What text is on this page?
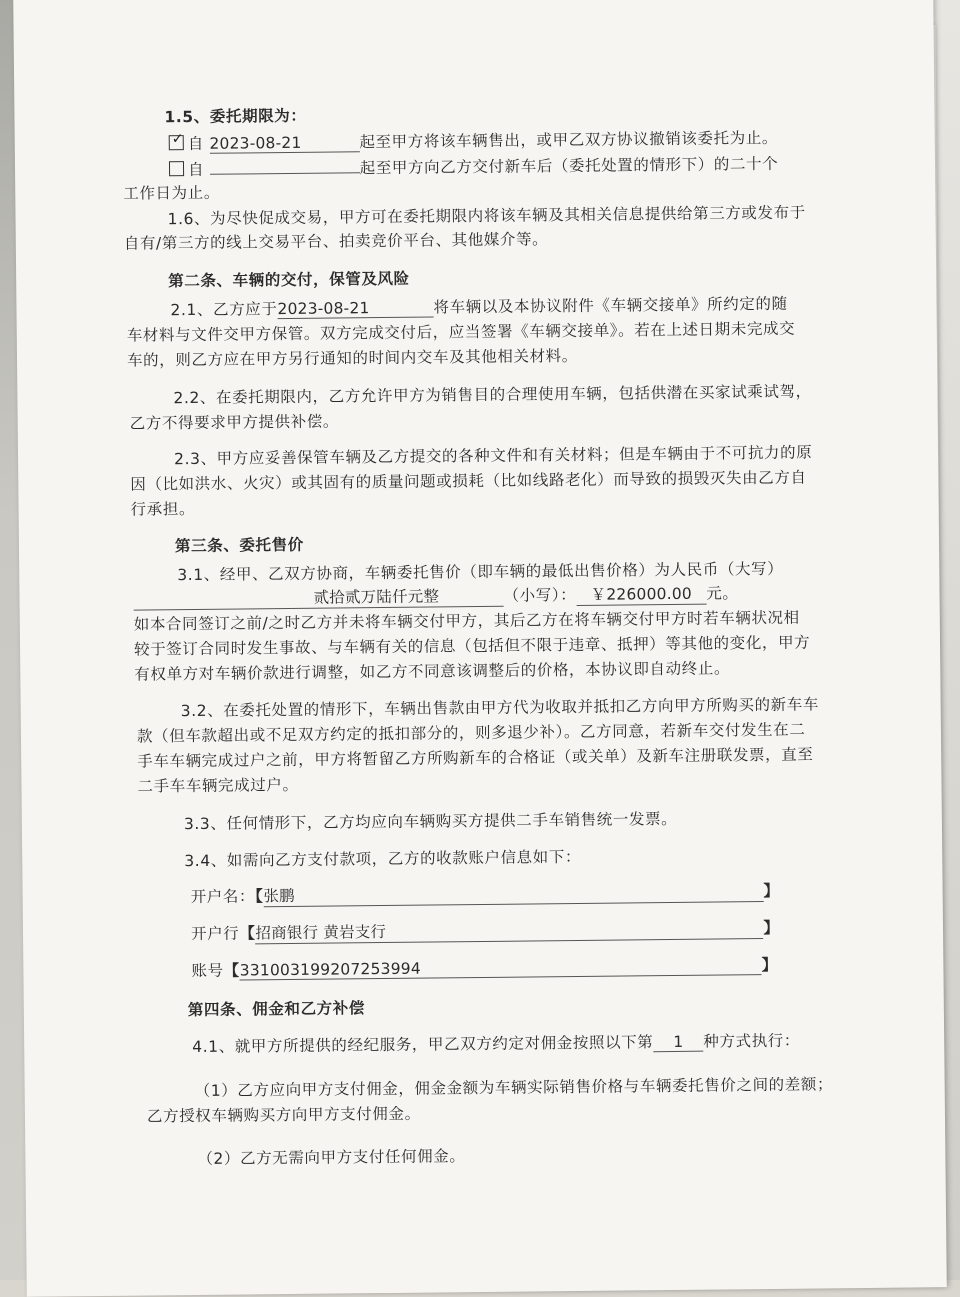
1.5、委托期限为：
✓ 自 2023-08-21	起至甲方将该车辆售出，或甲乙双方协议撤销该委托为止。
自	起至甲方向乙方交付新车后（委托处置的情形下）的二十个
工作日为止。
1.6、为尽快促成交易，甲方可在委托期限内将该车辆及其相关信息提供给第三方或发布于
自有/第三方的线上交易平台、拍卖竞价平台、其他媒介等。
第二条、车辆的交付，保管及风险
2.1、乙方应于2023-08-21	将车辆以及本协议附件《车辆交接单》所约定的随
车材料与文件交甲方保管。双方完成交付后，应当签署《车辆交接单》。若在上述日期未完成交
车的，则乙方应在甲方另行通知的时间内交车及其他相关材料。
2.2、在委托期限内，乙方允许甲方为销售目的合理使用车辆，包括供潜在买家试乘试驾，
乙方不得要求甲方提供补偿。
2.3、甲方应妥善保管车辆及乙方提交的各种文件和有关材料；但是车辆由于不可抗力的原
因（比如洪水、火灾）或其固有的质量问题或损耗（比如线路老化）而导致的损毁灭失由乙方自
行承担。
第三条、委托售价
3.1、经甲、乙双方协商，车辆委托售价（即车辆的最低出售价格）为人民币（大写）
贰拾贰万陆仟元整	（小写）： ￥226000.00 元。
如本合同签订之前/之时乙方并未将车辆交付甲方，其后乙方在将车辆交付甲方时若车辆状况相
较于签订合同时发生事故、与车辆有关的信息（包括但不限于违章、抵押）等其他的变化，甲方
有权单方对车辆价款进行调整，如乙方不同意该调整后的价格，本协议即自动终止。
3.2、在委托处置的情形下，车辆出售款由甲方代为收取并抵扣乙方向甲方所购买的新车车
款（但车款超出或不足双方约定的抵扣部分的，则多退少补）。乙方同意，若新车交付发生在二
手车车辆完成过户之前，甲方将暂留乙方所购新车的合格证（或关单）及新车注册联发票，直至
二手车车辆完成过户。
3.3、任何情形下，乙方均应向车辆购买方提供二手车销售统一发票。
3.4、如需向乙方支付款项，乙方的收款账户信息如下：
开户名：【张鹏	】
开户行【招商银行 黄岩支行	】
账号【331003199207253994	】
第四条、佣金和乙方补偿
4.1、就甲方所提供的经纪服务，甲乙双方约定对佣金按照以下第 1 种方式执行：
（1）乙方应向甲方支付佣金，佣金金额为车辆实际销售价格与车辆委托售价之间的差额；
乙方授权车辆购买方向甲方支付佣金。
（2）乙方无需向甲方支付任何佣金。
